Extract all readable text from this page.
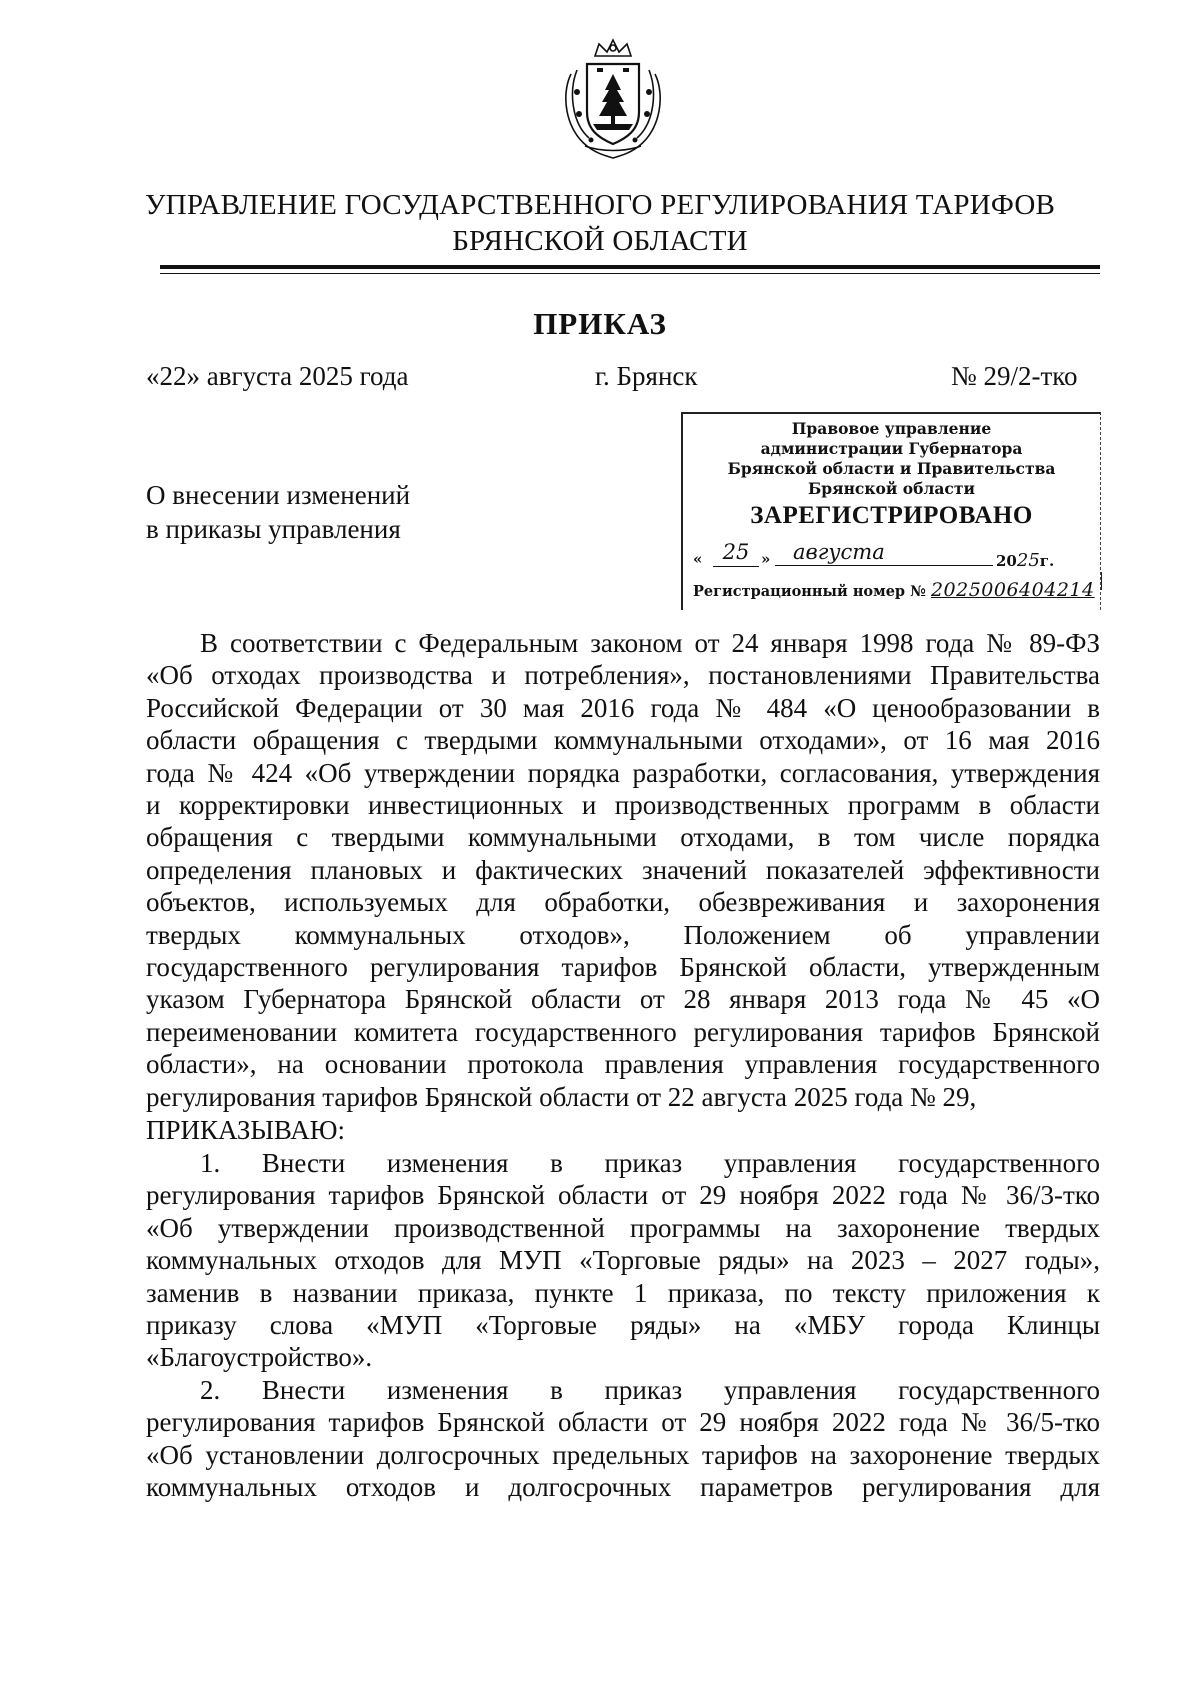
УПРАВЛЕНИЕ ГОСУДАРСТВЕННОГО РЕГУЛИРОВАНИЯ ТАРИФОВ
БРЯНСКОЙ ОБЛАСТИ
ПРИКАЗ
«22» августа 2025 года	г. Брянск	№ 29/2-тко
О внесении изменений
в приказы управления
Правовое управление
администрации Губернатора
Брянской области и Правительства
Брянской области
ЗАРЕГИСТРИРОВАНО
« 25 »	августа	2025г.
Регистрационный номер № 2025006404214
В соответствии с Федеральным законом от 24 января 1998 года № 89-ФЗ
«Об отходах производства и потребления», постановлениями Правительства
Российской Федерации от 30 мая 2016 года № 484 «О ценообразовании в
области обращения с твердыми коммунальными отходами», от 16 мая 2016
года № 424 «Об утверждении порядка разработки, согласования, утверждения
и корректировки инвестиционных и производственных программ в области
обращения с твердыми коммунальными отходами, в том числе порядка
определения плановых и фактических значений показателей эффективности
объектов, используемых для обработки, обезвреживания и захоронения
твердых коммунальных отходов», Положением об управлении
государственного регулирования тарифов Брянской области, утвержденным
указом Губернатора Брянской области от 28 января 2013 года № 45 «О
переименовании комитета государственного регулирования тарифов Брянской
области», на основании протокола правления управления государственного
регулирования тарифов Брянской области от 22 августа 2025 года № 29,
ПРИКАЗЫВАЮ:
1. Внести изменения в приказ управления государственного
регулирования тарифов Брянской области от 29 ноября 2022 года № 36/3-тко
«Об утверждении производственной программы на захоронение твердых
коммунальных отходов для МУП «Торговые ряды» на 2023 – 2027 годы»,
заменив в названии приказа, пункте 1 приказа, по тексту приложения к
приказу слова «МУП «Торговые ряды» на «МБУ города Клинцы
«Благоустройство».
2. Внести изменения в приказ управления государственного
регулирования тарифов Брянской области от 29 ноября 2022 года № 36/5-тко
«Об установлении долгосрочных предельных тарифов на захоронение твердых
коммунальных отходов и долгосрочных параметров регулирования для
